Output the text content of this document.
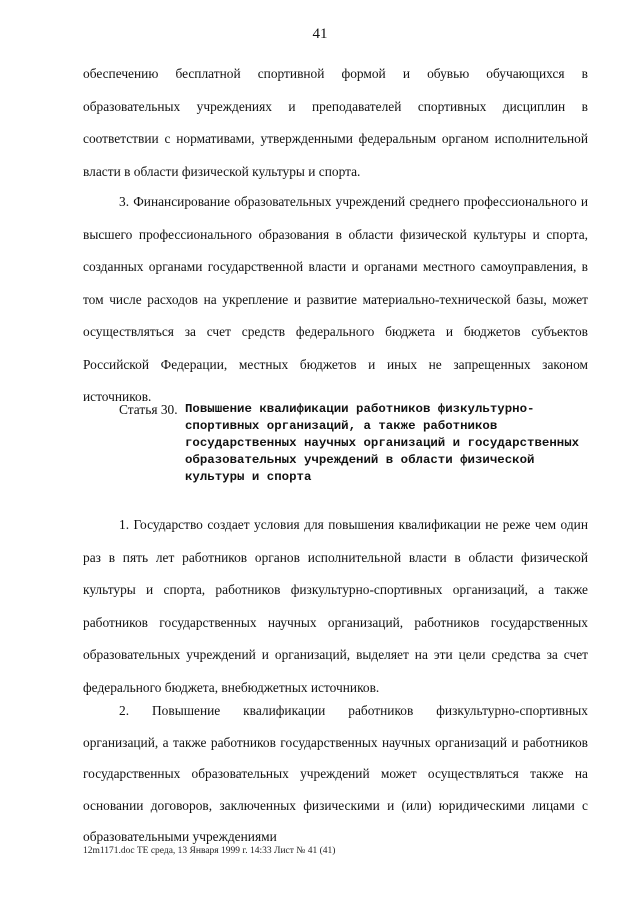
41

обеспечению бесплатной спортивной формой и обувью обучающихся в образовательных учреждениях и преподавателей спортивных дисциплин в соответствии с нормативами, утвержденными федеральным органом исполнительной власти в области физической культуры и спорта.

3. Финансирование образовательных учреждений среднего профессионального и высшего профессионального образования в области физической культуры и спорта, созданных органами государственной власти и органами местного самоуправления, в том числе расходов на укрепление и развитие материально-технической базы, может осуществляться за счет средств федерального бюджета и бюджетов субъектов Российской Федерации, местных бюджетов и иных не запрещенных законом источников.

Статья 30. Повышение квалификации работников физкультурно-спортивных организаций, а также работников государственных научных организаций и государственных образовательных учреждений в области физической культуры и спорта

1. Государство создает условия для повышения квалификации не реже чем один раз в пять лет работников органов исполнительной власти в области физической культуры и спорта, работников физкультурно-спортивных организаций, а также работников государственных научных организаций, работников государственных образовательных учреждений и организаций, выделяет на эти цели средства за счет федерального бюджета, внебюджетных источников.

2. Повышение квалификации работников физкультурно-спортивных организаций, а также работников государственных научных организаций и работников государственных образовательных учреждений может осуществляться также на основании договоров, заключенных физическими и (или) юридическими лицами с образовательными учреждениями

12m1171.doc TE среда, 13 Января 1999 г. 14:33 Лист № 41 (41)
